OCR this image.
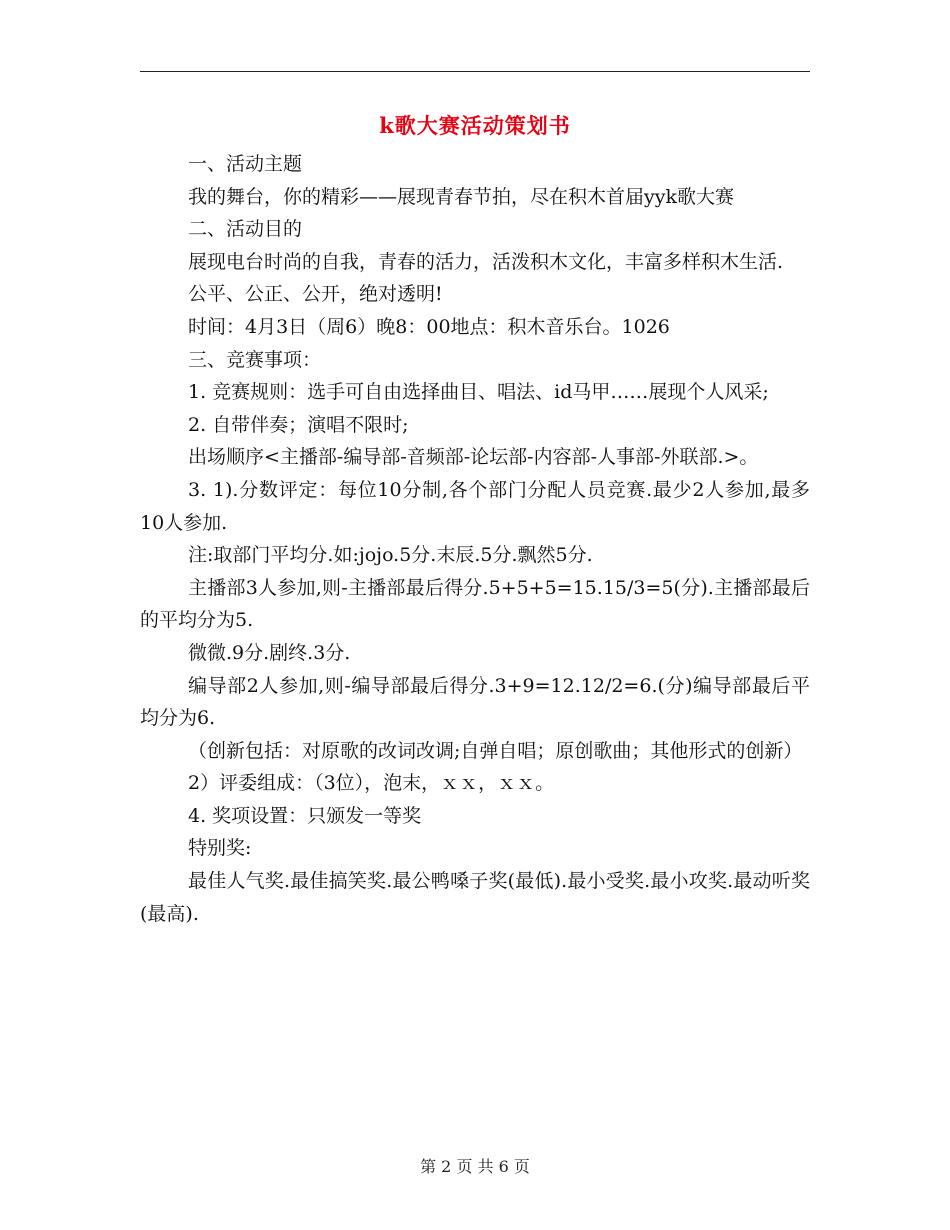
k歌大赛活动策划书

一、活动主题

我的舞台，你的精彩——展现青春节拍，尽在积木首届yyk歌大赛

二、活动目的

展现电台时尚的自我，青春的活力，活泼积木文化，丰富多样积木生活.

公平、公正、公开，绝对透明!

时间：4月3日（周6）晚8：00地点：积木音乐台。1026

三、竞赛事项：

1. 竞赛规则：选手可自由选择曲目、唱法、id马甲……展现个人风采;

2. 自带伴奏；演唱不限时;

出场顺序<主播部-编导部-音频部-论坛部-内容部-人事部-外联部.>。

3. 1).分数评定：每位10分制,各个部门分配人员竞赛.最少2人参加,最多10人参加.

注:取部门平均分.如:jojo.5分.末辰.5分.飘然5分.

主播部3人参加,则-主播部最后得分.5+5+5=15.15/3=5(分).主播部最后的平均分为5.

微微.9分.剧终.3分.

编导部2人参加,则-编导部最后得分.3+9=12.12/2=6.(分)编导部最后平均分为6.

（创新包括：对原歌的改词改调;自弹自唱；原创歌曲；其他形式的创新）

2）评委组成：（3位），泡末，ｘｘ，ｘｘ。

4. 奖项设置：只颁发一等奖

特别奖:

最佳人气奖.最佳搞笑奖.最公鸭嗓子奖(最低).最小受奖.最小攻奖.最动听奖(最高).

第 2 页 共 6 页
